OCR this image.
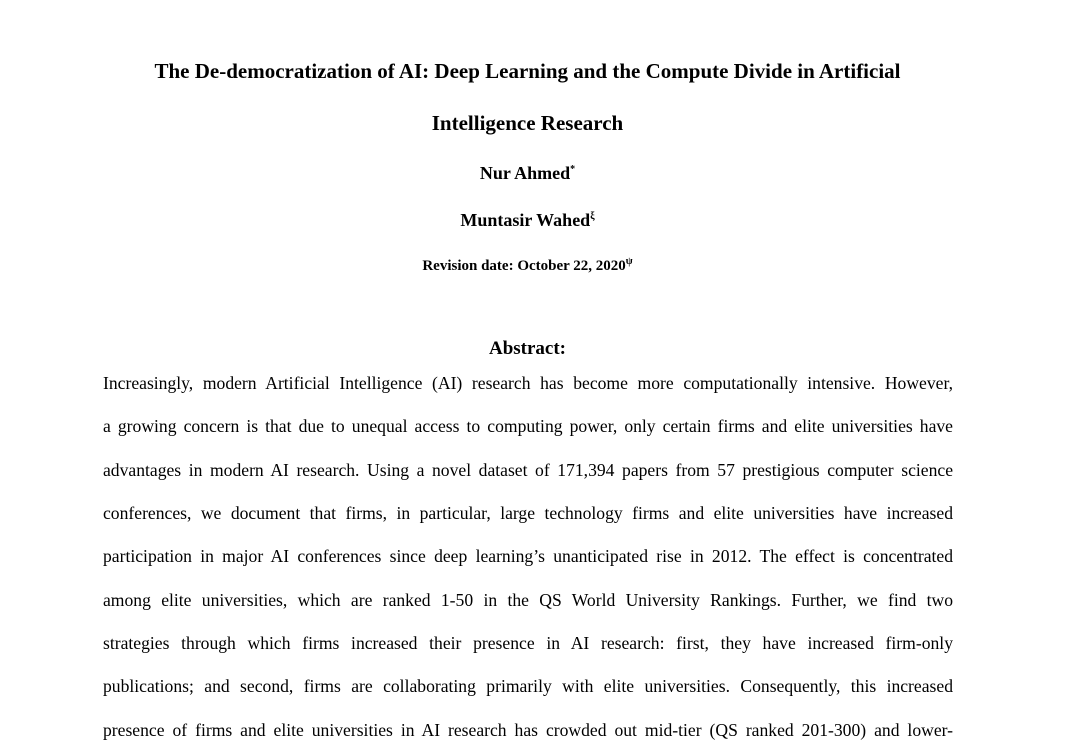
The De-democratization of AI: Deep Learning and the Compute Divide in Artificial
Intelligence Research
Nur Ahmed*
Muntasir Wahed$^\xi$
Revision date: October 22, $2020^\psi$
Abstract:
Increasingly, modern Artificial Intelligence (AI) research has become more computationally intensive. However,
a growing concern is that due to unequal access to computing power, only certain firms and elite universities have
advantages in modern AI research. Using a novel dataset of 171,394 papers from 57 prestigious computer science
conferences, we document that firms, in particular, large technology firms and elite universities have increased
participation in major AI conferences since deep learning’s unanticipated rise in 2012. The effect is concentrated
among elite universities, which are ranked 1-50 in the QS World University Rankings. Further, we find two
strategies through which firms increased their presence in AI research: first, they have increased firm-only
publications; and second, firms are collaborating primarily with elite universities. Consequently, this increased
presence of firms and elite universities in AI research has crowded out mid-tier (QS ranked 201-300) and lower-
